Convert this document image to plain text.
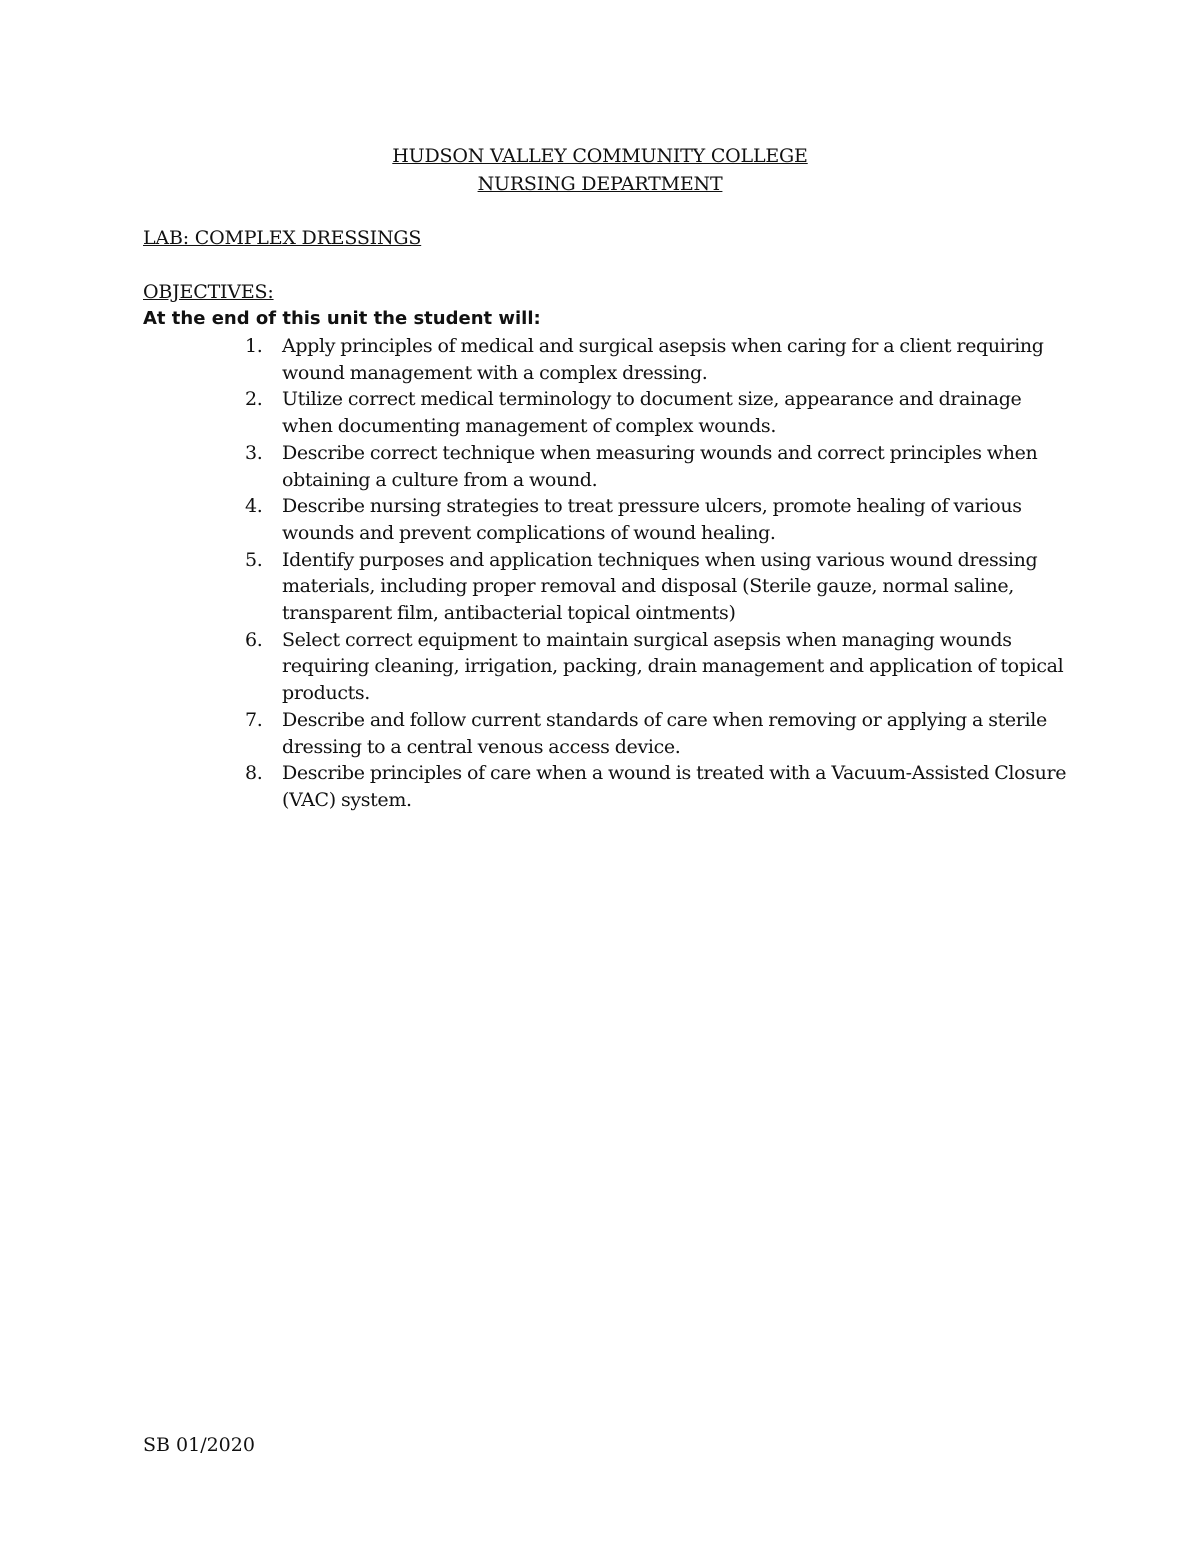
HUDSON VALLEY COMMUNITY COLLEGE
NURSING DEPARTMENT
LAB: COMPLEX DRESSINGS
OBJECTIVES:
At the end of this unit the student will:
1. Apply principles of medical and surgical asepsis when caring for a client requiring wound management with a complex dressing.
2. Utilize correct medical terminology to document size, appearance and drainage when documenting management of complex wounds.
3. Describe correct technique when measuring wounds and correct principles when obtaining a culture from a wound.
4. Describe nursing strategies to treat pressure ulcers, promote healing of various wounds and prevent complications of wound healing.
5. Identify purposes and application techniques when using various wound dressing materials, including proper removal and disposal (Sterile gauze, normal saline, transparent film, antibacterial topical ointments)
6. Select correct equipment to maintain surgical asepsis when managing wounds requiring cleaning, irrigation, packing, drain management and application of topical products.
7. Describe and follow current standards of care when removing or applying a sterile dressing to a central venous access device.
8. Describe principles of care when a wound is treated with a Vacuum-Assisted Closure (VAC) system.
SB 01/2020
